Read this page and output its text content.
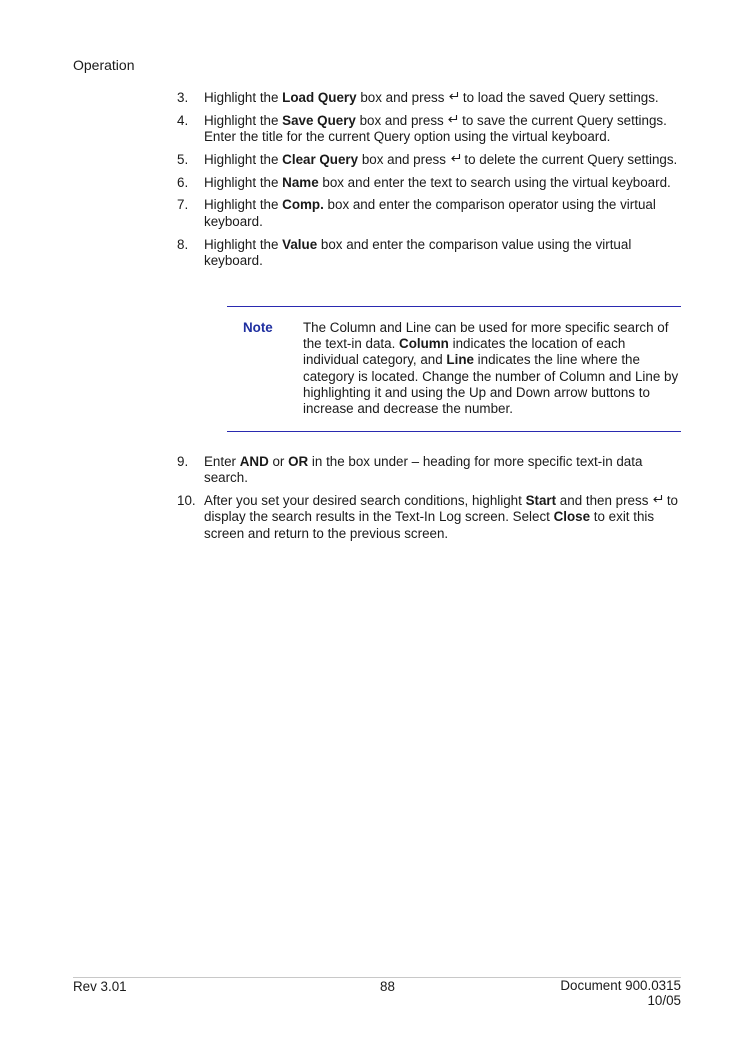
Operation
3.	Highlight the Load Query box and press  to load the saved Query settings.
4.	Highlight the Save Query box and press  to save the current Query settings. Enter the title for the current Query option using the virtual keyboard.
5.	Highlight the Clear Query box and press  to delete the current Query settings.
6.	Highlight the Name box and enter the text to search using the virtual keyboard.
7.	Highlight the Comp. box and enter the comparison operator using the virtual keyboard.
8.	Highlight the Value box and enter the comparison value using the virtual keyboard.
Note The Column and Line can be used for more specific search of the text-in data. Column indicates the location of each individual category, and Line indicates the line where the category is located. Change the number of Column and Line by highlighting it and using the Up and Down arrow buttons to increase and decrease the number.
9.	Enter AND or OR in the box under – heading for more specific text-in data search.
10. After you set your desired search conditions, highlight Start and then press  to display the search results in the Text-In Log screen. Select Close to exit this screen and return to the previous screen.
Rev 3.01	88	Document 900.0315
10/05
